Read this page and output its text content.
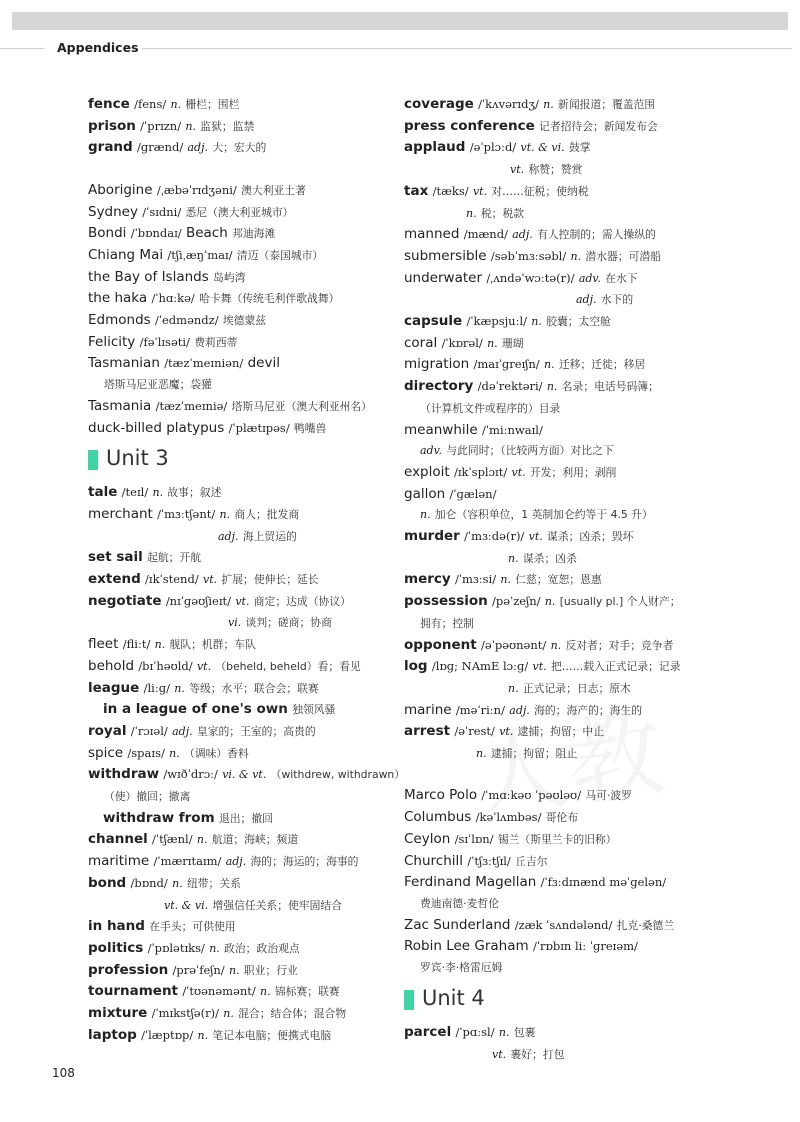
Appendices
fence /fens/ n. 栅栏；围栏
prison /ˈprɪzn/ n. 监狱；监禁
grand /ɡrænd/ adj. 大；宏大的
Aborigine /ˌæbəˈrɪdʒəni/ 澳大利亚土著
Sydney /ˈsɪdni/ 悉尼（澳大利亚城市）
Bondi /ˈbɒndaɪ/ Beach 邦迪海滩
Chiang Mai /tʃiˌæŋˈmaɪ/ 清迈（泰国城市）
the Bay of Islands 岛屿湾
the haka /ˈhɑːkə/ 哈卡舞（传统毛利伴歌战舞）
Edmonds /ˈedməndz/ 埃德蒙兹
Felicity /fəˈlɪsəti/ 费莉西蒂
Tasmanian /tæzˈmeɪniən/ devil
塔斯马尼亚恶魔；袋獾
Tasmania /tæzˈmeɪniə/ 塔斯马尼亚（澳大利亚州名）
duck-billed platypus /ˈplætɪpəs/ 鸭嘴兽
Unit 3
tale /teɪl/ n. 故事；叙述
merchant /ˈmɜːtʃənt/ n. 商人；批发商
adj. 海上贸运的
set sail 起航；开航
extend /ɪkˈstend/ vt. 扩展；使伸长；延长
negotiate /nɪˈɡəʊʃieɪt/ vt. 商定；达成（协议）
vi. 谈判；磋商；协商
fleet /fliːt/ n. 舰队；机群；车队
behold /bɪˈhəʊld/ vt. （beheld, beheld）看；看见
league /liːɡ/ n. 等级；水平；联合会；联赛
in a league of one's own 独领风骚
royal /ˈrɔɪəl/ adj. 皇家的；王室的；高贵的
spice /spaɪs/ n. （调味）香料
withdraw /wɪðˈdrɔː/ vi. & vt. （withdrew, withdrawn）
（使）撤回；撤离
withdraw from 退出；撤回
channel /ˈtʃænl/ n. 航道；海峡；频道
maritime /ˈmærɪtaɪm/ adj. 海的；海运的；海事的
bond /bɒnd/ n. 纽带；关系
vt. & vi. 增强信任关系；使牢固结合
in hand 在手头；可供使用
politics /ˈpɒlətɪks/ n. 政治；政治观点
profession /prəˈfeʃn/ n. 职业；行业
tournament /ˈtʊənəmənt/ n. 锦标赛；联赛
mixture /ˈmɪkstʃə(r)/ n. 混合；结合体；混合物
laptop /ˈlæptɒp/ n. 笔记本电脑；便携式电脑
coverage /ˈkʌvərɪdʒ/ n. 新闻报道；覆盖范围
press conference 记者招待会；新闻发布会
applaud /əˈplɔːd/ vt. & vi. 鼓掌
vt. 称赞；赞赏
tax /tæks/ vt. 对……征税；使纳税
n. 税；税款
manned /mænd/ adj. 有人控制的；需人操纵的
submersible /səbˈmɜːsəbl/ n. 潜水器；可潜船
underwater /ˌʌndəˈwɔːtə(r)/ adv. 在水下
adj. 水下的
capsule /ˈkæpsjuːl/ n. 胶囊；太空舱
coral /ˈkɒrəl/ n. 珊瑚
migration /maɪˈɡreɪʃn/ n. 迁移；迁徙；移居
directory /dəˈrektəri/ n. 名录；电话号码簿；
（计算机文件或程序的）目录
meanwhile /ˈmiːnwaɪl/
adv. 与此同时；（比较两方面）对比之下
exploit /ɪkˈsplɔɪt/ vt. 开发；利用；剥削
gallon /ˈɡælən/
n. 加仑（容积单位，1 英制加仑约等于 4.5 升）
murder /ˈmɜːdə(r)/ vt. 谋杀；凶杀；毁坏
n. 谋杀；凶杀
mercy /ˈmɜːsi/ n. 仁慈；宽恕；恩惠
possession /pəˈzeʃn/ n. [usually pl.] 个人财产；
拥有；控制
opponent /əˈpəʊnənt/ n. 反对者；对手；竞争者
log /lɒɡ; NAmE lɔːɡ/ vt. 把……载入正式记录；记录
n. 正式记录；日志；原木
marine /məˈriːn/ adj. 海的；海产的；海生的
arrest /əˈrest/ vt. 逮捕；拘留；中止
n. 逮捕；拘留；阻止
Marco Polo /ˈmɑːkəʊ ˈpəʊləʊ/ 马可·波罗
Columbus /kəˈlʌmbəs/ 哥伦布
Ceylon /sɪˈlɒn/ 锡兰（斯里兰卡的旧称）
Churchill /ˈtʃɜːtʃɪl/ 丘吉尔
Ferdinand Magellan /ˈfɜːdɪnænd məˈɡelən/
费迪南德·麦哲伦
Zac Sunderland /zæk ˈsʌndələnd/ 扎克·桑德兰
Robin Lee Graham /ˈrɒbɪn liː ˈɡreɪəm/
罗宾·李·格雷厄姆
Unit 4
parcel /ˈpɑːsl/ n. 包裹
vt. 裹好；打包
108
